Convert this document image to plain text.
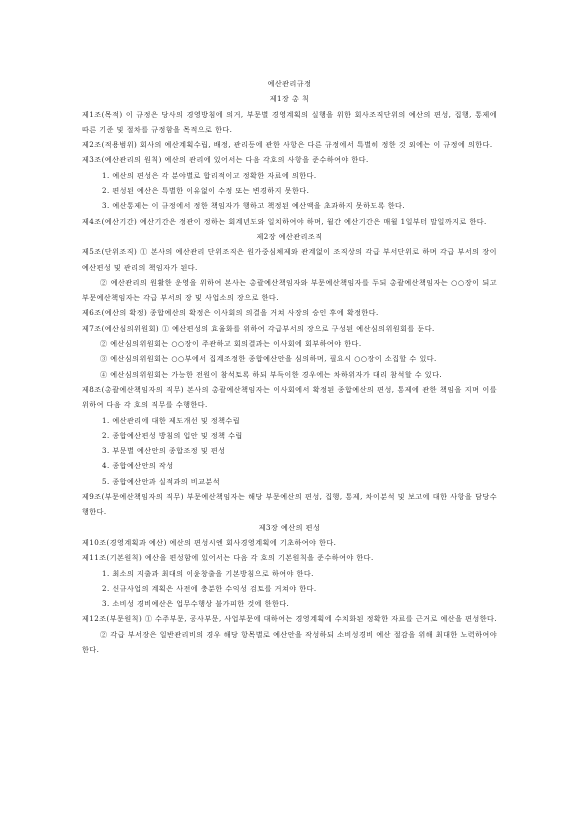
예산관리규정

제1장 총 칙

제1조(목적) 이 규정은 당사의 경영방침에 의거, 부문별 경영계획의 실행을 위한 회사조직단위의 예산의 편성, 집행, 통제에 따른 기준 및 절차를 규정함을 목적으로 한다.

제2조(적용범위) 회사의 예산계획수립, 배정, 관리등에 관한 사항은 다른 규정에서 특별히 정한 것 외에는 이 규정에 의한다.

제3조(예산관리의 원칙) 예산의 관리에 있어서는 다음 각호의 사항을 준수하여야 한다.

1. 예산의 편성은 각 분야별로 합리적이고 정확한 자료에 의한다.

2. 편성된 예산은 특별한 이유없이 수정 또는 변경하지 못한다.

3. 예산통제는 이 규정에서 정한 책임자가 행하고 책정된 예산액을 초과하지 못하도록 한다.

제4조(예산기간) 예산기간은 정관이 정하는 회계년도와 일치하여야 하며, 월간 예산기간은 매월 1일부터 말일까지로 한다.

제2장 예산관리조직

제5조(단위조직) ① 본사의 예산관리 단위조직은 원가중심체제와 관계없이 조직상의 각급 부서단위로 하며 각급 부서의 장이 예산편성 및 관리의 책임자가 된다.

② 예산관리의 원활한 운영을 위하여 본사는 총괄예산책임자와 부문예산책임자를 두되 총괄예산책임자는 ○○장이 되고 부문예산책임자는 각급 부서의 장 및 사업소의 장으로 한다.

제6조(예산의 확정) 종합예산의 확정은 이사회의 의결을 거쳐 사장의 승인 후에 확정한다.

제7조(예산심의위원회) ① 예산편성의 효율화를 위하여 각급부서의 장으로 구성된 예산심의위원회를 둔다.

② 예산심의위원회는 ○○장이 주관하고 회의결과는 이사회에 회부하여야 한다.

③ 예산심의위원회는 ○○부에서 집계조정한 종합예산안을 심의하며, 필요시 ○○장이 소집할 수 있다.

④ 예산심의위원회는 가능한 전원이 참석토록 하되 부득이한 경우에는 차하위자가 대리 참석할 수 있다.

제8조(총괄예산책임자의 직무) 본사의 총괄예산책임자는 이사회에서 확정된 종합예산의 편성, 통제에 관한 책임을 지며 이를 위하여 다음 각 호의 직무를 수행한다.

1. 예산관리에 대한 제도개선 및 정책수립

2. 종합예산편성 방침의 입안 및 정책 수립

3. 부문별 예산안의 종합조정 및 편성

4. 종합예산안의 작성

5. 종합예산안과 실적과의 비교분석

제9조(부문예산책임자의 직무) 부문예산책임자는 해당 부문예산의 편성, 집행, 통제, 차이분석 및 보고에 대한 사항을 담당수행한다.

제3장 예산의 편성

제10조(경영계획과 예산) 예산의 편성시엔 회사경영계획에 기초하여야 한다.

제11조(기본원칙) 예산을 편성함에 있어서는 다음 각 호의 기본원칙을 준수하여야 한다.

1. 최소의 지출과 최대의 이윤창출을 기본방침으로 하여야 한다.

2. 신규사업의 계획은 사전에 충분한 수익성 검토를 거쳐야 한다.

3. 소비성 경비예산은 업무수행상 불가피한 것에 한한다.

제12조(부문원칙) ① 수주부문, 공사부문, 사업부문에 대하여는 경영계획에 수치화된 정확한 자료를 근거로 예산을 편성한다.

② 각급 부서장은 일반관리비의 경우 해당 항목별로 예산안을 작성하되 소비성경비 예산 절감을 위해 최대한 노력하여야 한다.
